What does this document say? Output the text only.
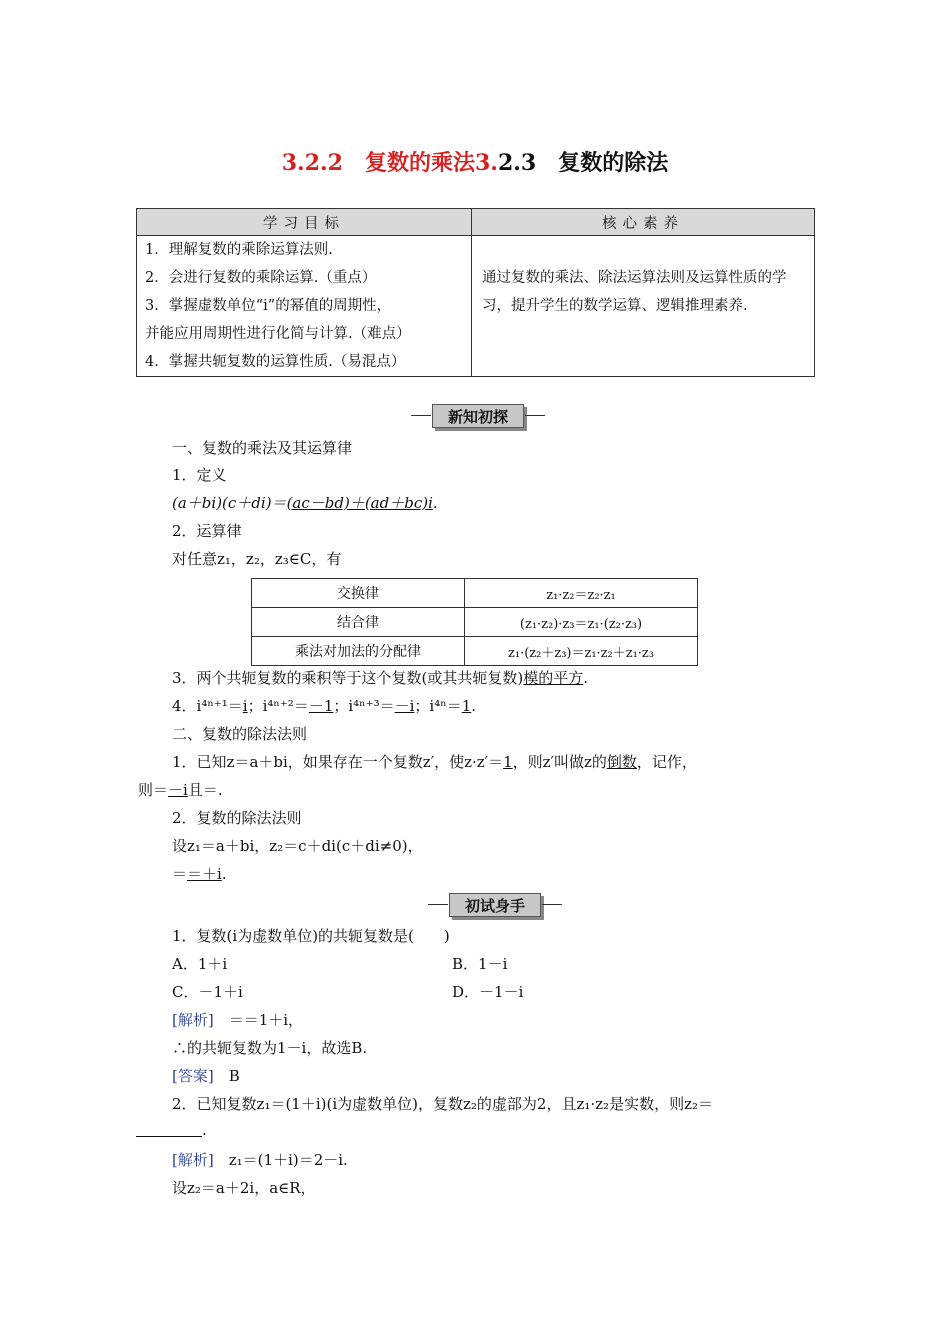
3.2.2　复数的乘法3.2.3　复数的除法
学习目标	核心素养

1．理解复数的乘除运算法则.
2．会进行复数的乘除运算.（重点）
3．掌握虚数单位“i”的幂值的周期性，
并能应用周期性进行化简与计算.（难点）
4．掌握共轭复数的运算性质.（易混点）	通过复数的乘法、除法运算法则及运算性质的学习，提升学生的数学运算、逻辑推理素养.
新知初探
一、复数的乘法及其运算律
1．定义
(a＋bi)(c＋di)＝(ac－bd)＋(ad＋bc)i.
2．运算律
对任意z₁，z₂，z₃∈C，有
交换律	z₁·z₂＝z₂·z₁
结合律	(z₁·z₂)·z₃＝z₁·(z₂·z₃)
乘法对加法的分配律	z₁·(z₂＋z₃)＝z₁·z₂＋z₁·z₃
3．两个共轭复数的乘积等于这个复数(或其共轭复数)模的平方.
4．i⁴ⁿ⁺¹＝i；i⁴ⁿ⁺²＝－1；i⁴ⁿ⁺³＝－i；i⁴ⁿ＝1.
二、复数的除法法则
1．已知z＝a＋bi，如果存在一个复数z′，使z·z′＝1，则z′叫做z的倒数，记作，
则＝－i且＝.
2．复数的除法法则
设z₁＝a＋bi，z₂＝c＋di(c＋di≠0)，
＝＝＋i.
初试身手
1．复数(i为虚数单位)的共轭复数是(　　)
A．1＋i	B．1－i
C．－1＋i	D．－1－i
[解析]　＝＝1＋i，
∴的共轭复数为1－i，故选B.
[答案]　 B
2．已知复数z₁＝(1＋i)(i为虚数单位)，复数z₂的虚部为2，且z₁·z₂是实数，则z₂＝
.
[解析]　 z₁＝(1＋i)＝2－i.
设z₂＝a＋2i，a∈R，
